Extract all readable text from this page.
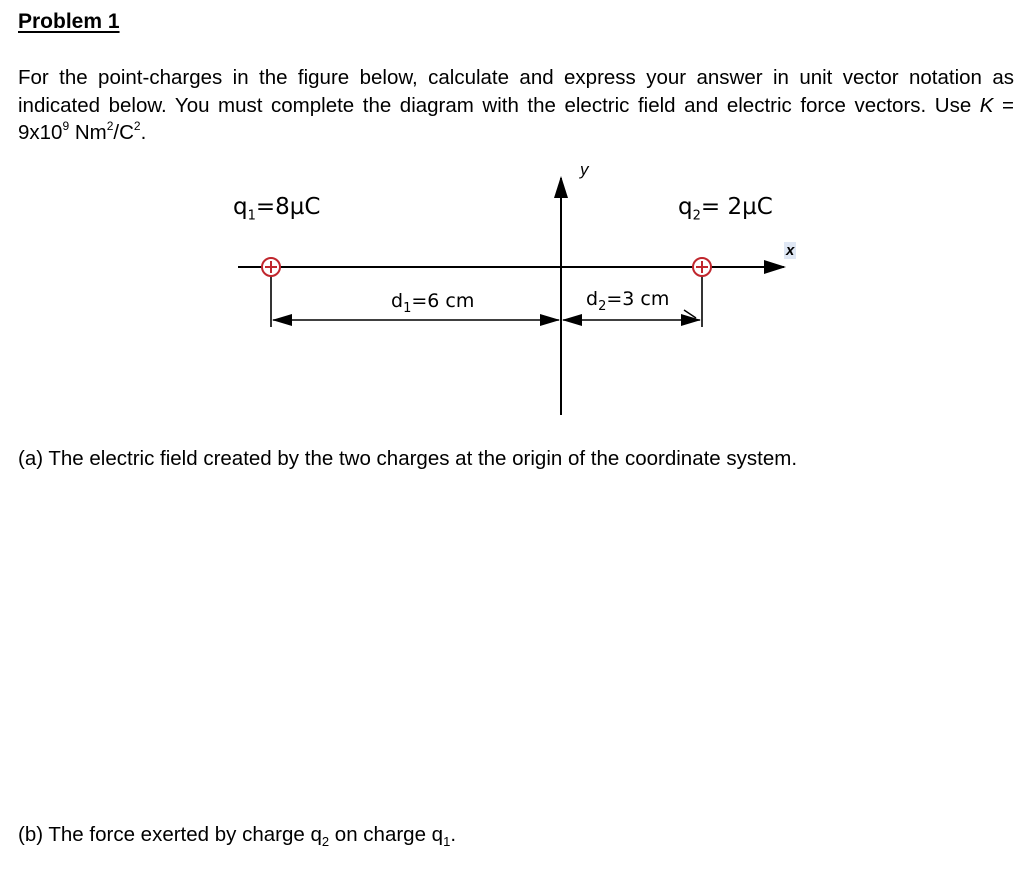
Problem 1

For the point-charges in the figure below, calculate and express your answer in unit vector notation as indicated below. You must complete the diagram with the electric field and electric force vectors. Use $K = 9x10^9$ $Nm^2/C^2$.

$q_1=8\mu C$	$q_2= 2\mu C$
$d_1=6$ cm	$d_2=3$ cm
y
x

(a) The electric field created by the two charges at the origin of the coordinate system.

(b) The force exerted by charge $q_2$ on charge $q_1$.
